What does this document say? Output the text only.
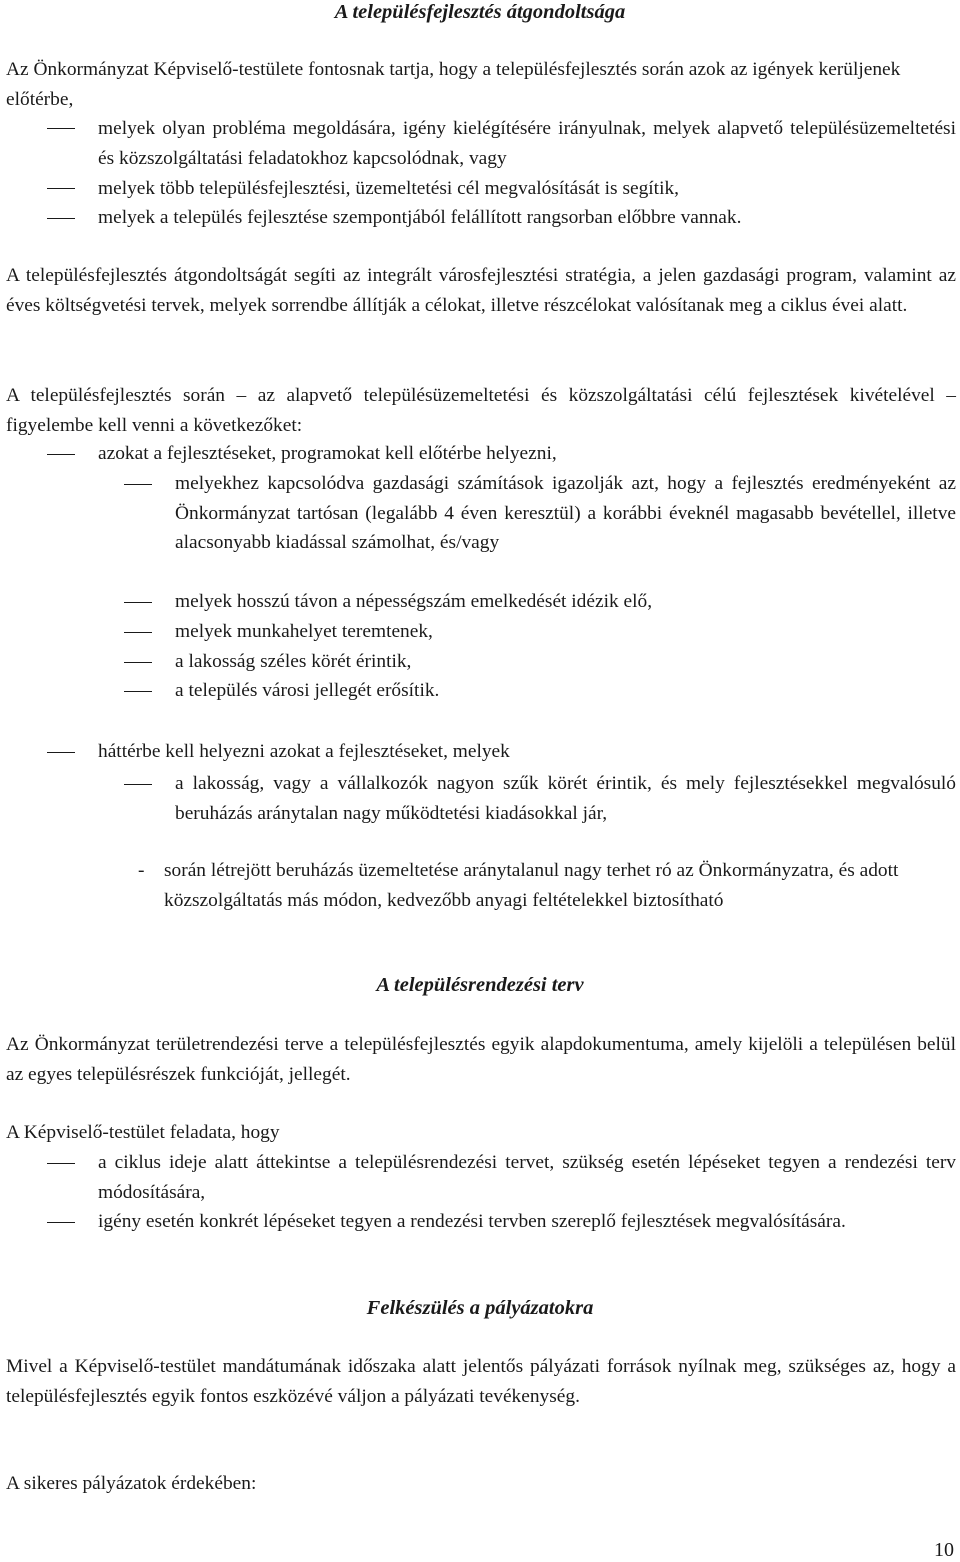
A településfejlesztés átgondoltsága
Az Önkormányzat Képviselő-testülete fontosnak tartja, hogy a településfejlesztés során azok az igények kerüljenek előtérbe,
melyek olyan probléma megoldására, igény kielégítésére irányulnak, melyek alapvető településüzemeltetési és közszolgáltatási feladatokhoz kapcsolódnak, vagy
melyek több településfejlesztési, üzemeltetési cél megvalósítását is segítik,
melyek a település fejlesztése szempontjából felállított rangsorban előbbre vannak.
A településfejlesztés átgondoltságát segíti az integrált városfejlesztési stratégia, a jelen gazdasági program, valamint az éves költségvetési tervek, melyek sorrendbe állítják a célokat, illetve részcélokat valósítanak meg a ciklus évei alatt.
A településfejlesztés során – az alapvető településüzemeltetési és közszolgáltatási célú fejlesztések kivételével – figyelembe kell venni a következőket:
azokat a fejlesztéseket, programokat kell előtérbe helyezni,
melyekhez kapcsolódva gazdasági számítások igazolják azt, hogy a fejlesztés eredményeként az Önkormányzat tartósan (legalább 4 éven keresztül) a korábbi éveknél magasabb bevétellel, illetve alacsonyabb kiadással számolhat, és/vagy
melyek hosszú távon a népességszám emelkedését idézik elő,
melyek munkahelyet teremtenek,
a lakosság széles körét érintik,
a település városi jellegét erősítik.
háttérbe kell helyezni azokat a fejlesztéseket, melyek
a lakosság, vagy a vállalkozók nagyon szűk körét érintik, és mely fejlesztésekkel megvalósuló beruházás aránytalan nagy működtetési kiadásokkal jár,
- során létrejött beruházás üzemeltetése aránytalanul nagy terhet ró az Önkormányzatra, és adott közszolgáltatás más módon, kedvezőbb anyagi feltételekkel biztosítható
A településrendezési terv
Az Önkormányzat területrendezési terve a településfejlesztés egyik alapdokumentuma, amely kijelöli a településen belül az egyes településrészek funkcióját, jellegét.
A Képviselő-testület feladata, hogy
a ciklus ideje alatt áttekintse a településrendezési tervet, szükség esetén lépéseket tegyen a rendezési terv módosítására,
igény esetén konkrét lépéseket tegyen a rendezési tervben szereplő fejlesztések megvalósítására.
Felkészülés a pályázatokra
Mivel a Képviselő-testület mandátumának időszaka alatt jelentős pályázati források nyílnak meg, szükséges az, hogy a településfejlesztés egyik fontos eszközévé váljon a pályázati tevékenység.
A sikeres pályázatok érdekében:
10
